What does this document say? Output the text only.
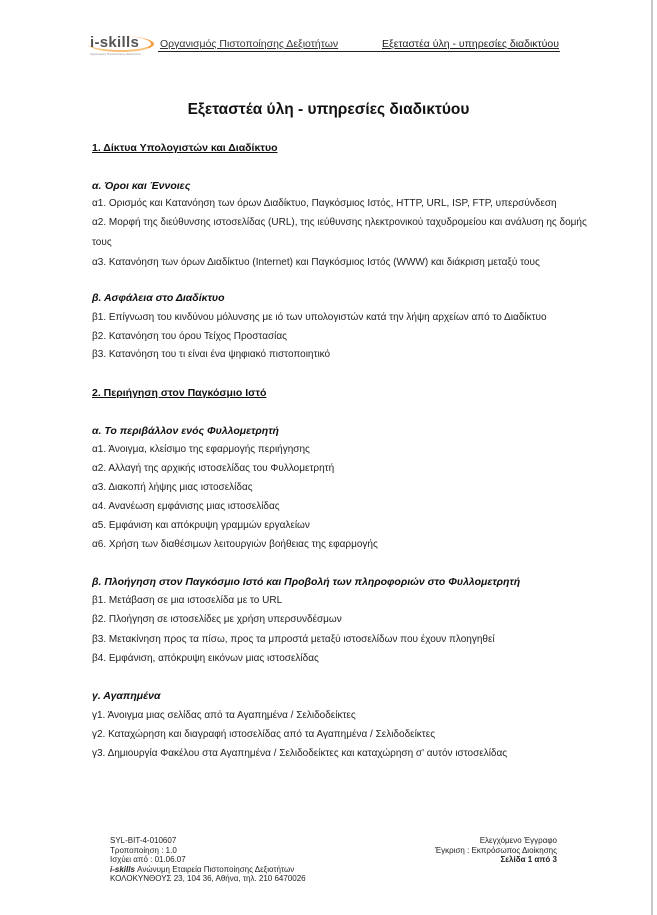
i-skills
Οργανισμός Πιστοποίησης Δεξιοτήτων
Οργανισμός Πιστοποίησης Δεξιοτήτων	Εξεταστέα ύλη - υπηρεσίες διαδικτύου
Εξεταστέα ύλη - υπηρεσίες διαδικτύου
1. Δίκτυα Υπολογιστών και Διαδίκτυο
α. Όροι και Έννοιες
α1. Ορισμός και Κατανόηση των όρων Διαδίκτυο, Παγκόσμιος Ιστός, HTTP, URL, ISP, FTP, υπερσύνδεση
α2. Μορφή της διεύθυνσης ιστοσελίδας (URL), της ιεύθυνσης ηλεκτρονικού ταχυδρομείου και ανάλυση ης δομής
τους
α3. Κατανόηση των όρων Διαδίκτυο (Internet) και Παγκόσμιος Ιστός (WWW) και διάκριση μεταξύ τους
β. Ασφάλεια στο Διαδίκτυο
β1. Επίγνωση του κινδύνου μόλυνσης με ιό των υπολογιστών κατά την λήψη αρχείων από το Διαδίκτυο
β2. Κατανόηση του όρου Τείχος Προστασίας
β3. Κατανόηση του τι είναι ένα ψηφιακό πιστοποιητικό
2. Περιήγηση στον Παγκόσμιο Ιστό
α. Το περιβάλλον ενός Φυλλομετρητή
α1. Άνοιγμα, κλείσιμο της εφαρμογής περιήγησης
α2. Αλλαγή της αρχικής ιστοσελίδας του Φυλλομετρητή
α3. Διακοπή λήψης μιας ιστοσελίδας
α4. Ανανέωση εμφάνισης μιας ιστοσελίδας
α5. Εμφάνιση και απόκρυψη γραμμών εργαλείων
α6. Χρήση των διαθέσιμων λειτουργιών βοήθειας της εφαρμογής
β. Πλοήγηση στον Παγκόσμιο Ιστό και Προβολή των πληροφοριών στο Φυλλομετρητή
β1. Μετάβαση σε μια ιστοσελίδα με το URL
β2. Πλοήγηση σε ιστοσελίδες με χρήση υπερσυνδέσμων
β3. Μετακίνηση προς τα πίσω, προς τα μπροστά μεταξύ ιστοσελίδων που έχουν πλοηγηθεί
β4. Εμφάνιση, απόκρυψη εικόνων μιας ιστοσελίδας
γ. Αγαπημένα
γ1. Άνοιγμα μιας σελίδας από τα Αγαπημένα / Σελιδοδείκτες
γ2. Καταχώρηση και διαγραφή ιστοσελίδας από τα Αγαπημένα / Σελιδοδείκτες
γ3. Δημιουργία Φακέλου στα Αγαπημένα / Σελιδοδείκτες και καταχώρηση σ' αυτόν ιστοσελίδας
SYL-BIT-4-010607
Τροποποίηση : 1.0
Ισχύει από : 01.06.07
i-skills Ανώνυμη Εταιρεία Πιστοποίησης Δεξιοτήτων
ΚΟΛΟΚΥΝΘΟΥΣ 23, 104 36, Αθήνα, τηλ. 210 6470026
Ελεγχόμενο Έγγραφο
Έγκριση : Εκπρόσωπος Διοίκησης
Σελίδα 1 από 3
